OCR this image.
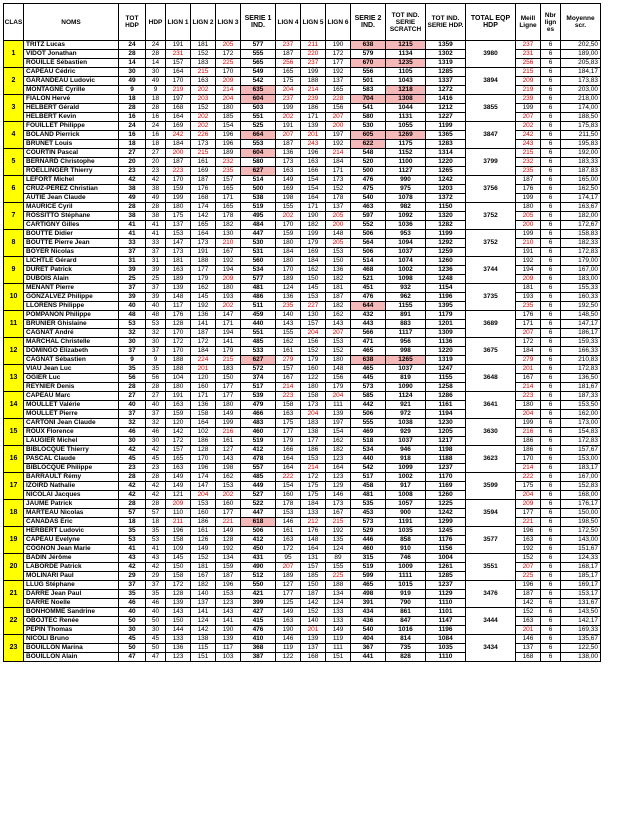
CLAS	NOMS	TOT HDP	HDP	LIGN 1	LIGN 2	LIGN 3	SERIE 1 IND.	LIGN 4	LIGN 5	LIGN 6	SERIE 2 IND.	TOT IND. SERIE SCRATCH	TOT IND. SERIE HDP.	TOTAL EQP HDP	Meill Ligne	Nbr lign es	Moyenne scr.
1	TRITZ Lucas	24	24	191	181	205	577	237	211	190	638	1215	1359	3980	237	6	202,50
	VIDOT Jonathan	28	28	231	152	172	555	187	220	172	579	1134	1302		231	6	189,00
	ROUILLE Sébastien	14	14	157	183	225	565	256	237	177	670	1235	1319		256	6	205,83
2	CAPEAU Cédric	30	30	164	215	170	549	165	199	192	556	1105	1285	3894	215	6	184,17
	GARANDEAU Ludovic	49	49	170	163	209	542	175	188	137	501	1043	1337		209	6	173,83
	MONTAGNE Cyrille	9	9	219	202	214	635	204	214	165	583	1218	1272		219	6	203,00
3	FIALON Hervé	18	18	197	203	204	604	237	239	228	704	1308	1416	3855	239	6	218,00
	HELBERT Gérald	28	28	168	152	180	503	199	186	156	541	1044	1212		199	6	174,00
	HELBERT Kevin	16	16	164	202	185	551	202	171	207	580	1131	1227		207	6	188,50
4	FOUILLET Philippe	24	24	169	202	154	525	191	139	200	530	1055	1199	3847	202	6	175,83
	BOLAND Pierrick	16	16	242	226	196	664	207	201	197	605	1269	1365		242	6	211,50
	BRUNET Louis	18	18	184	173	196	553	187	243	192	622	1175	1283		243	6	195,83
5	COURTIN Pascal	27	27	200	215	189	604	136	196	214	548	1152	1314	3799	215	6	192,00
	BERNARD Christophe	20	20	187	161	232	580	173	163	184	520	1100	1220		232	6	183,33
	ROELLINGER Thierry	23	23	223	169	235	627	163	166	171	500	1127	1265		235	6	187,83
6	LEFORT Michel	42	42	170	187	157	514	149	154	173	476	990	1242	3756	187	6	165,00
	CRUZ-PEREZ Christian	38	38	159	176	165	500	169	154	152	475	975	1203		176	6	162,50
	AUTIE Jean Claude	49	49	199	168	171	538	198	164	178	540	1078	1372		199	6	174,17
7	MAURICE Cyril	28	28	180	174	165	519	155	171	137	463	982	1150	3752	180	6	163,67
	ROSSITTO Stéphane	38	38	175	142	178	495	202	190	205	597	1092	1320		205	6	182,00
	CARTIGNY Gilles	41	41	137	165	182	484	170	182	200	552	1036	1282		200	6	172,67
8	BOUTTE Didier	41	41	153	164	130	447	159	199	148	506	953	1199	3752	199	6	158,83
	BOUTTE Pierre Jean	33	33	147	173	210	530	180	179	205	564	1094	1292		210	6	182,33
	BOYER Nicolas	37	37	173	191	167	531	184	169	153	506	1037	1259		191	6	172,83
9	LICHTLE Gérard	31	31	181	188	192	560	180	184	150	514	1074	1260	3744	192	6	179,00
	DURET Patrick	39	39	163	177	194	534	170	162	136	468	1002	1236		194	6	167,00
	DUBOIS Alain	25	25	189	179	209	577	189	150	182	521	1098	1248		209	6	183,00
10	MENANT Pierre	37	37	139	162	180	481	124	145	181	451	932	1154	3735	181	6	155,33
	GONZALVEZ Philippe	39	39	148	145	193	486	136	153	187	476	962	1196		193	6	160,33
	LLORENS Philippe	40	40	117	192	202	511	235	227	182	644	1155	1395		235	6	192,50
11	POMPANON Philippe	48	48	176	136	147	459	140	130	162	432	891	1179	3689	176	6	148,50
	BRUNIER Ghislaine	53	53	128	141	171	440	143	157	143	443	883	1201		171	6	147,17
	CAGNAT André	32	32	170	187	194	551	155	204	207	566	1117	1309		207	6	186,17
12	MARCHAL Christelle	30	30	172	172	141	485	162	156	153	471	956	1136	3675	172	6	159,33
	DOMINGO Elizabeth	37	37	170	184	179	533	161	152	152	465	998	1220		184	6	166,33
	CAGNAT Sébastien	9	9	188	224	215	627	279	179	180	638	1265	1319		279	6	210,83
13	VIAU Jean Luc	35	35	188	201	183	572	157	160	148	465	1037	1247	3648	201	6	172,83
	OGIER Luc	56	56	104	120	150	374	167	122	156	445	819	1155		167	6	136,50
	REYNIER Denis	28	28	180	160	177	517	214	180	179	573	1090	1258		214	6	181,67
14	CAPEAU Marc	27	27	191	171	177	539	223	158	204	585	1124	1286	3641	223	6	187,33
	MOULLET Valérie	40	40	163	136	180	479	158	173	111	442	921	1161		180	6	153,50
	MOULLET Pierre	37	37	159	158	149	466	163	204	139	506	972	1194		204	6	162,00
15	CARTONI Jean Claude	32	32	120	164	199	483	175	183	197	555	1038	1230	3630	199	6	173,00
	ROUX Florence	46	46	142	102	216	460	177	138	154	469	929	1205		216	6	154,83
	LAUGIER Michel	30	30	172	186	161	519	179	177	162	518	1037	1217		186	6	172,83
16	BIBLOCQUE Thierry	42	42	157	128	127	412	166	186	182	534	946	1198	3623	186	6	157,67
	PASCAL Claude	45	45	165	170	143	478	164	153	123	440	918	1188		170	6	153,00
	BIBLOCQUE Philippe	23	23	163	196	198	557	164	214	164	542	1099	1237		214	6	183,17
17	BARRAULT Rémy	28	28	149	174	162	485	222	172	123	517	1002	1170	3599	222	6	167,00
	IZOIRD Nathalie	42	42	149	147	153	449	154	175	129	458	917	1169		175	6	152,83
	NICOLAI Jacques	42	42	121	204	202	527	160	175	146	481	1008	1260		204	6	168,00
18	JAUME Patrick	28	28	209	153	160	522	178	184	173	535	1057	1225	3594	209	6	176,17
	MARTEAU Nicolas	57	57	110	160	177	447	153	133	167	453	900	1242		177	6	150,00
	CANADAS Eric	18	18	211	186	221	618	146	212	215	573	1191	1299		221	6	198,50
19	HERBERT Ludovic	35	35	196	161	149	506	161	176	192	529	1035	1245	3577	196	6	172,50
	CAPEAU Evelyne	53	53	158	126	128	412	163	148	135	446	858	1176		163	6	143,00
	COGNON Jean Marie	41	41	109	149	192	450	172	164	124	460	910	1156		192	6	151,67
20	BADIN Jérôme	43	43	145	152	134	431	95	131	89	315	746	1004	3551	152	6	124,33
	LABORDE Patrick	42	42	150	181	159	490	207	157	155	519	1009	1261		207	6	168,17
	MOLINARI Paul	29	29	158	167	187	512	189	185	225	599	1111	1285		225	6	185,17
21	LLUG Stéphane	37	37	172	182	196	550	127	150	188	465	1015	1237	3476	196	6	169,17
	DARRE Jean Paul	35	35	128	140	153	421	177	187	134	498	919	1129		187	6	153,17
	DARRE Noelle	46	46	139	137	123	399	125	142	124	391	790	1110		142	6	131,67
22	BONHOMME Sandrine	40	40	143	141	143	427	149	152	133	434	861	1101	3444	152	6	143,50
	OBOJTEC Renée	50	50	150	124	141	415	163	140	133	436	847	1147		163	6	142,17
	PEPIN Thomas	30	30	144	142	190	476	190	201	149	540	1016	1196		201	6	169,33
23	NICOLI Bruno	45	45	133	138	139	410	146	139	119	404	814	1084	3434	146	6	135,67
	BOUILLON Marina	50	50	136	115	117	368	119	137	111	367	735	1035		137	6	122,50
	BOUILLON Alain	47	47	123	151	103	387	122	168	151	441	828	1110		168	6	138,00
